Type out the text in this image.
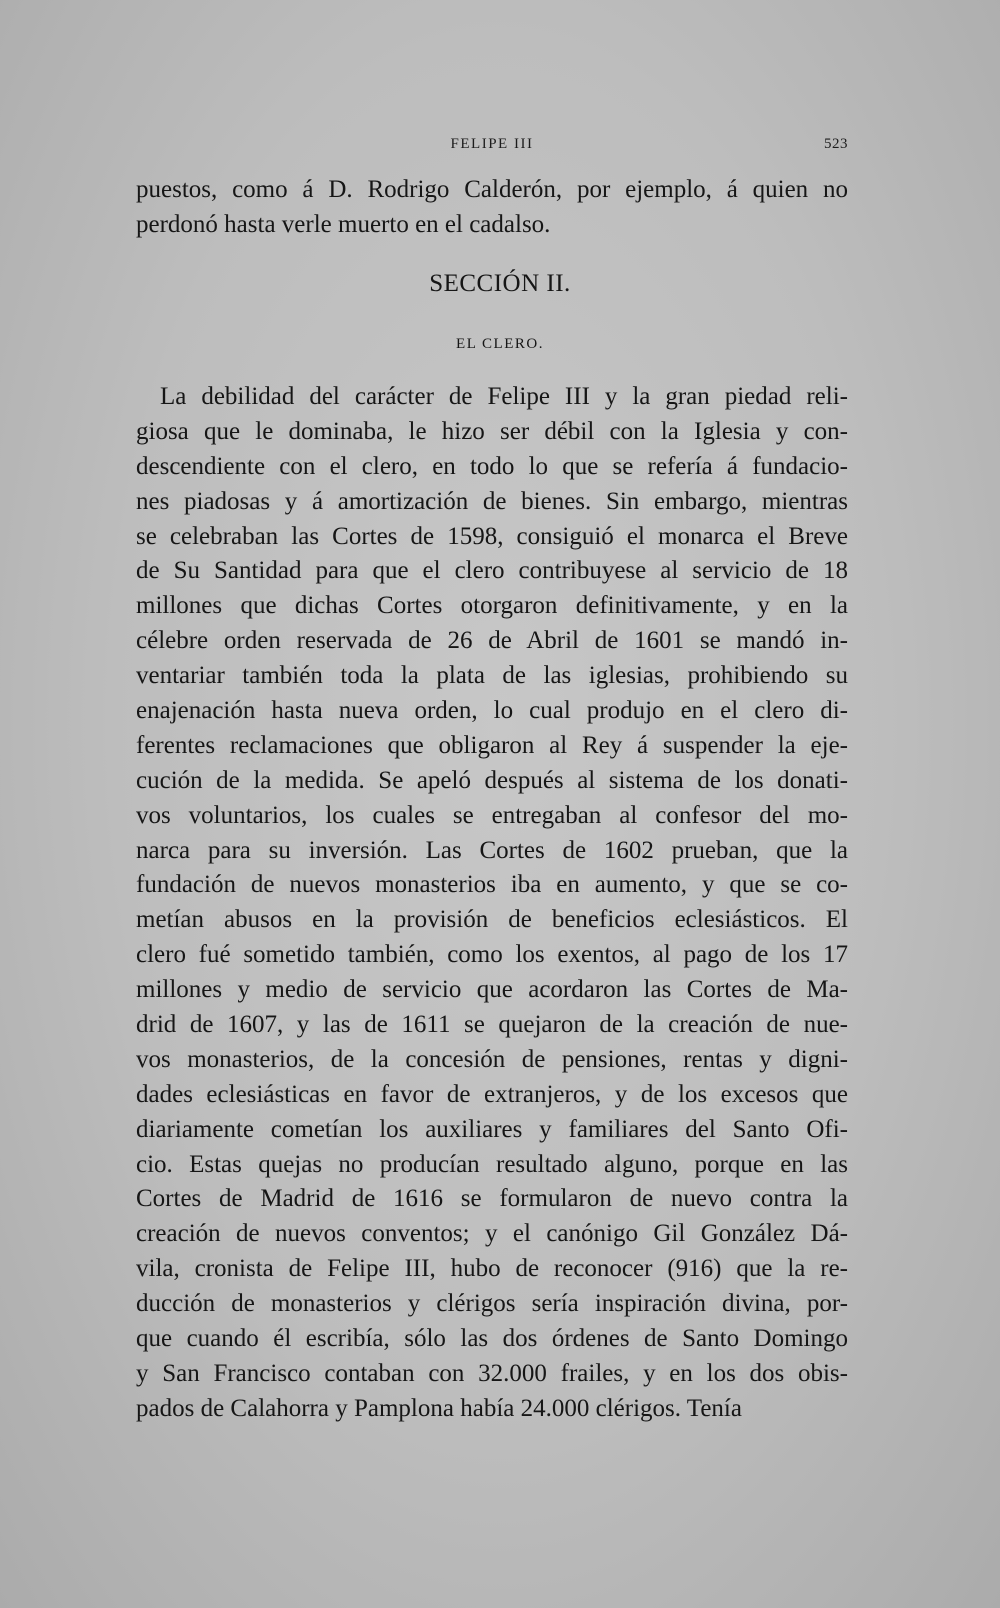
FELIPE III	523
puestos, como á D. Rodrigo Calderón, por ejemplo, á quien no
perdonó hasta verle muerto en el cadalso.
SECCIÓN II.
EL CLERO.
La debilidad del carácter de Felipe III y la gran piedad reli-
giosa que le dominaba, le hizo ser débil con la Iglesia y con-
descendiente con el clero, en todo lo que se refería á fundacio-
nes piadosas y á amortización de bienes. Sin embargo, mientras
se celebraban las Cortes de 1598, consiguió el monarca el Breve
de Su Santidad para que el clero contribuyese al servicio de 18
millones que dichas Cortes otorgaron definitivamente, y en la
célebre orden reservada de 26 de Abril de 1601 se mandó in-
ventariar también toda la plata de las iglesias, prohibiendo su
enajenación hasta nueva orden, lo cual produjo en el clero di-
ferentes reclamaciones que obligaron al Rey á suspender la eje-
cución de la medida. Se apeló después al sistema de los donati-
vos voluntarios, los cuales se entregaban al confesor del mo-
narca para su inversión. Las Cortes de 1602 prueban, que la
fundación de nuevos monasterios iba en aumento, y que se co-
metían abusos en la provisión de beneficios eclesiásticos. El
clero fué sometido también, como los exentos, al pago de los 17
millones y medio de servicio que acordaron las Cortes de Ma-
drid de 1607, y las de 1611 se quejaron de la creación de nue-
vos monasterios, de la concesión de pensiones, rentas y digni-
dades eclesiásticas en favor de extranjeros, y de los excesos que
diariamente cometían los auxiliares y familiares del Santo Ofi-
cio. Estas quejas no producían resultado alguno, porque en las
Cortes de Madrid de 1616 se formularon de nuevo contra la
creación de nuevos conventos; y el canónigo Gil González Dá-
vila, cronista de Felipe III, hubo de reconocer (916) que la re-
ducción de monasterios y clérigos sería inspiración divina, por-
que cuando él escribía, sólo las dos órdenes de Santo Domingo
y San Francisco contaban con 32.000 frailes, y en los dos obis-
pados de Calahorra y Pamplona había 24.000 clérigos. Tenía
